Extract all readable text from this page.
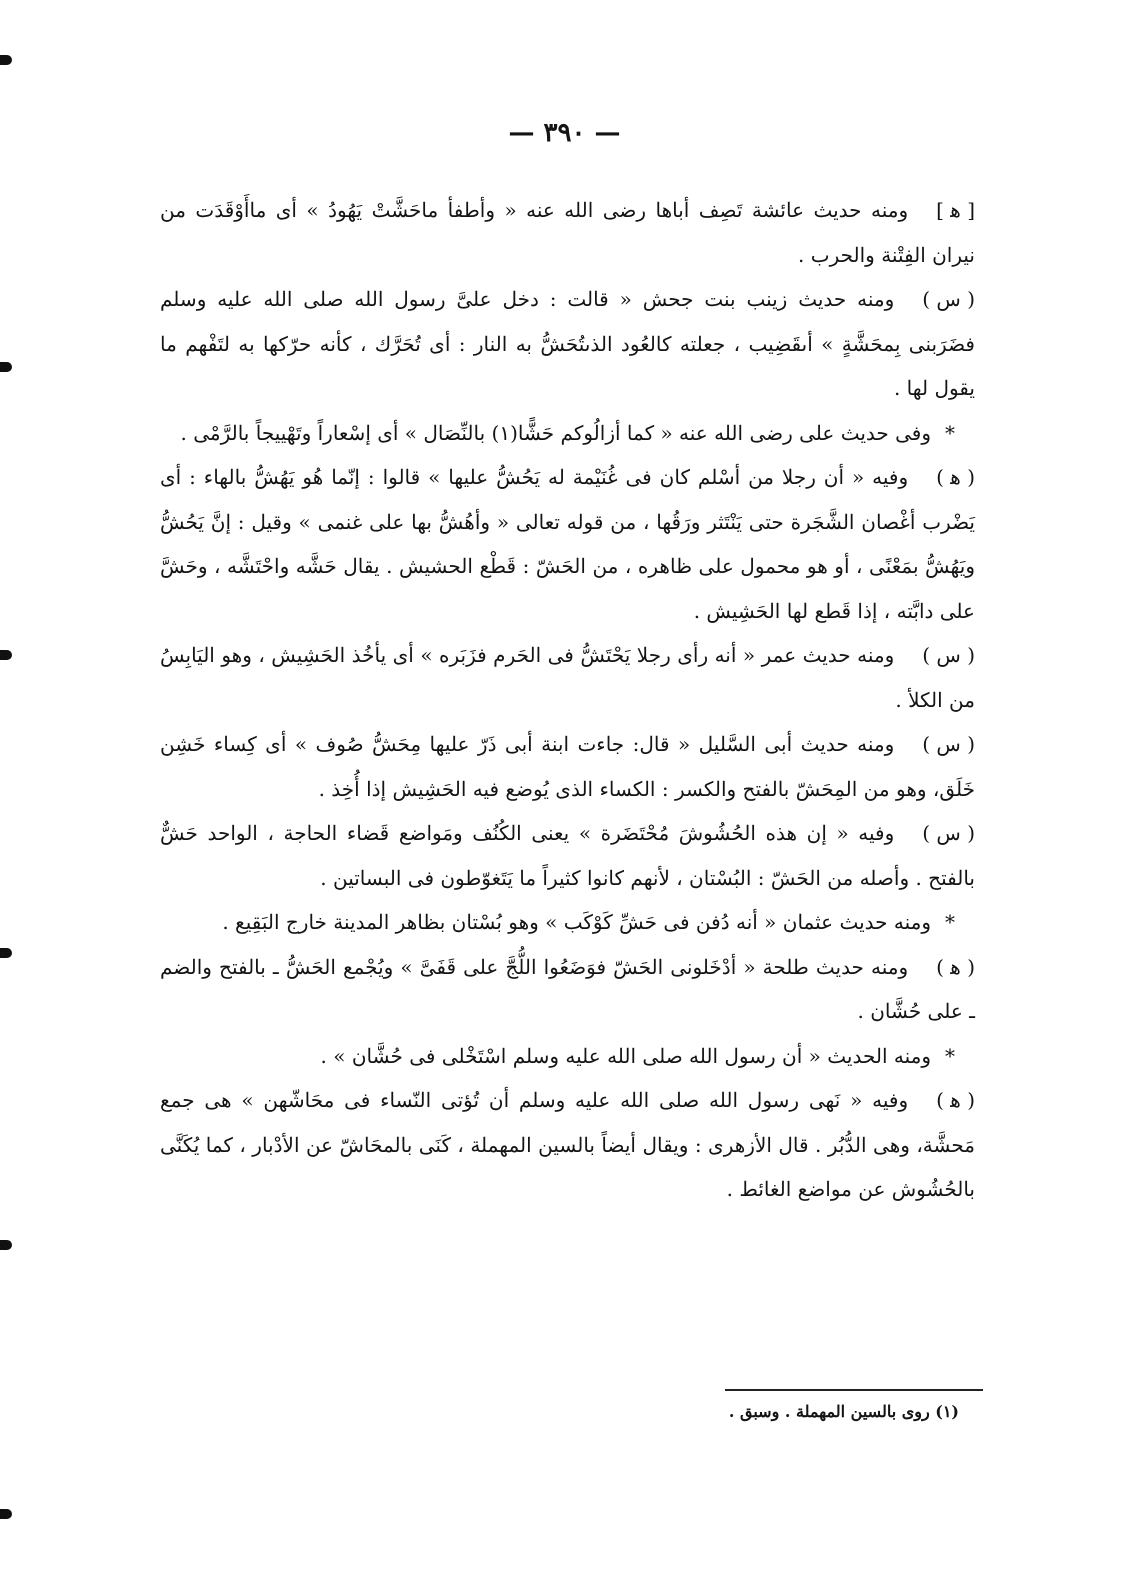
— ٣٩٠ —

[ ﻫ ]ومنه حديث عائشة تَصِف أباها رضى الله عنه « وأطفأ ماحَشَّتْ يَهُودُ » أى ماأَوْقَدَت من نيران الفِتْنة والحرب .

( س )ومنه حديث زينب بنت جحش « قالت : دخل علىَّ رسول الله صلى الله عليه وسلم فضَرَبنى بِمحَشَّةٍ » أىقَضِيب ، جعلته كالعُود الذىتُحَشُّ به النار : أى تُحَرَّك ، كأنه حرّكها به لتَفْهم ما يقول لها .

*وفى حديث على رضى الله عنه « كما أزالُوكم حَشًّا(١) بالنِّصَال » أى إسْعاراً وتَهْييجاً بالرَّمْى .

( ﻫ )وفيه « أن رجلا من أسْلم كان فى غُنَيْمة له يَحُشُّ عليها » قالوا : إنّما هُو يَهُشُّ بالهاء : أى يَضْرب أغْصان الشَّجَرة حتى يَنْتَثر ورَقُها ، من قوله تعالى « وأهُشُّ بها على غنمى » وقيل : إنَّ يَحُشُّ ويَهُشُّ بمَعْنًى ، أو هو محمول على ظاهره ، من الحَشّ : قَطْع الحشيش . يقال حَشَّه واحْتَشَّه ، وحَشَّ على دابَّته ، إذا قَطع لها الحَشِيش .

( س )ومنه حديث عمر « أنه رأى رجلا يَحْتَشُّ فى الحَرم فزَبَره » أى يأخُذ الحَشِيش ، وهو اليَابِسُ من الكلأ .

( س )ومنه حديث أبى السَّليل « قال: جاءت ابنة أبى ذَرّ عليها مِحَشُّ صُوف » أى كِساء خَشِن خَلَق، وهو من المِحَشّ بالفتح والكسر : الكساء الذى يُوضع فيه الحَشِيش إذا أُخِذ .

( س )وفيه « إن هذه الحُشُوشَ مُحْتَضَرة » يعنى الكُنُف ومَواضع قَضاء الحاجة ، الواحد حَشٌّ بالفتح . وأصله من الحَشّ : البُسْتان ، لأنهم كانوا كثيراً ما يَتَغوّطون فى البساتين .

*ومنه حديث عثمان « أنه دُفن فى حَشِّ كَوْكَب » وهو بُسْتان بظاهر المدينة خارج البَقِيع .

( ﻫ )ومنه حديث طلحة « أدْخَلونى الحَشّ فوَضَعُوا اللُّجَّ على قَفَىَّ » ويُجْمع الحَشُّ ـ بالفتح والضم ـ على حُشَّان .

*ومنه الحديث « أن رسول الله صلى الله عليه وسلم اسْتَخْلى فى حُشَّان » .

( ﻫ )وفيه « نَهى رسول الله صلى الله عليه وسلم أن تُؤتى النّساء فى محَاشّهن » هى جمع مَحشَّة، وهى الدُّبُر . قال الأزهرى : ويقال أيضاً بالسين المهملة ، كَنَى بالمحَاشّ عن الأدْبار ، كما يُكَنَّى بالحُشُوش عن مواضع الغائط .

(١) روى بالسين المهملة . وسبق .
